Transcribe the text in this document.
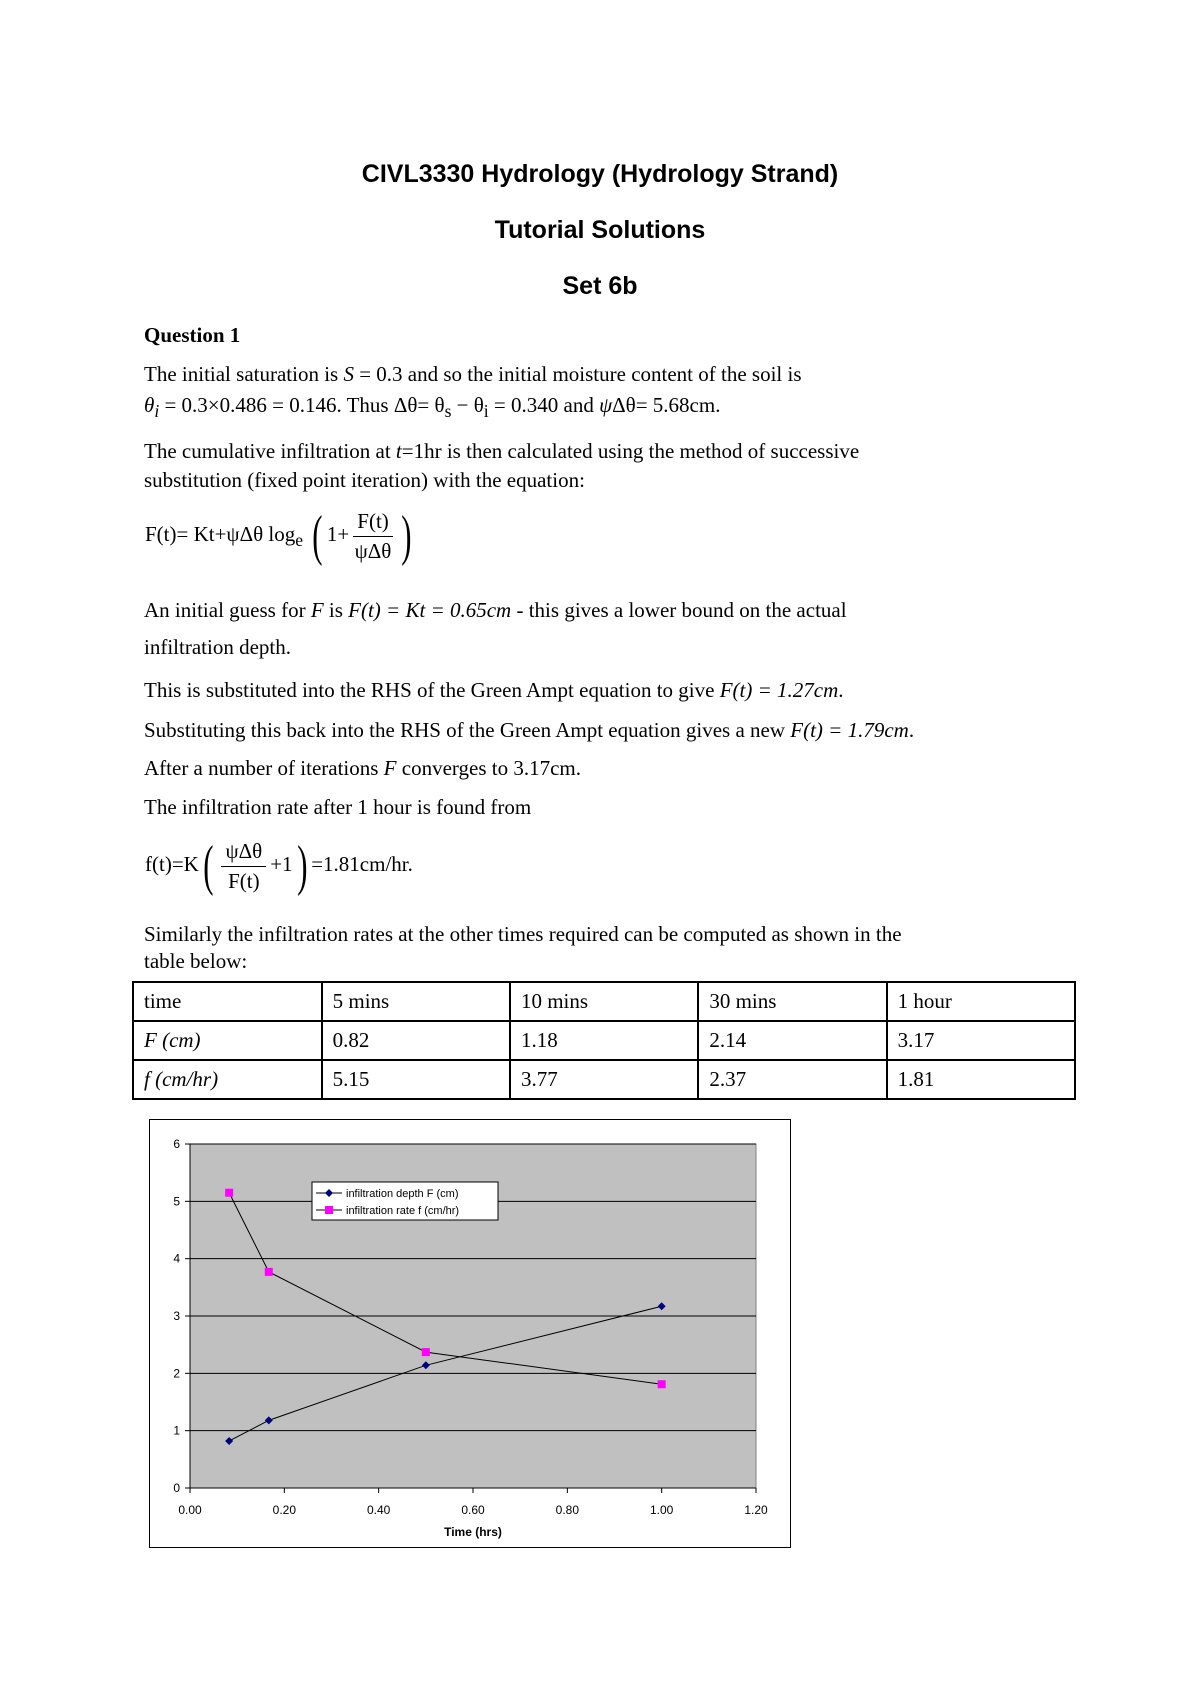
CIVL3330 Hydrology (Hydrology Strand)
Tutorial Solutions
Set 6b
Question 1
The initial saturation is S = 0.3 and so the initial moisture content of the soil is
$\theta_i = 0.3\times 0.486 = 0.146$. Thus $\Delta\theta= \theta_s - \theta_i = 0.340$ and ψΔθ= 5.68cm.
The cumulative infiltration at t=1hr is then calculated using the method of successive
substitution (fixed point iteration) with the equation:
F(t)= Kt+ψΔθ $\log_e$ ( $1+ \frac{F(t)}{\text{ψΔθ}}$ )
An initial guess for F is F(t) = Kt = 0.65cm - this gives a lower bound on the actual
infiltration depth.
This is substituted into the RHS of the Green Ampt equation to give F(t) = 1.27cm.
Substituting this back into the RHS of the Green Ampt equation gives a new F(t) = 1.79cm.
After a number of iterations F converges to 3.17cm.
The infiltration rate after 1 hour is found from
$f(t)=K( \frac{\text{ψΔθ}}{F(t)} +1) =1.81cm/hr$.
Similarly the infiltration rates at the other times required can be computed as shown in the
table below:
time	5 mins	10 mins	30 mins	1 hour
F (cm)	0.82	1.18	2.14	3.17
f (cm/hr)	5.15	3.77	2.37	1.81
0
1
2
3
4
5
6
0.00	0.20	0.40	0.60	0.80	1.00	1.20
Time (hrs)
infiltration depth F (cm)
infiltration rate f (cm/hr)
